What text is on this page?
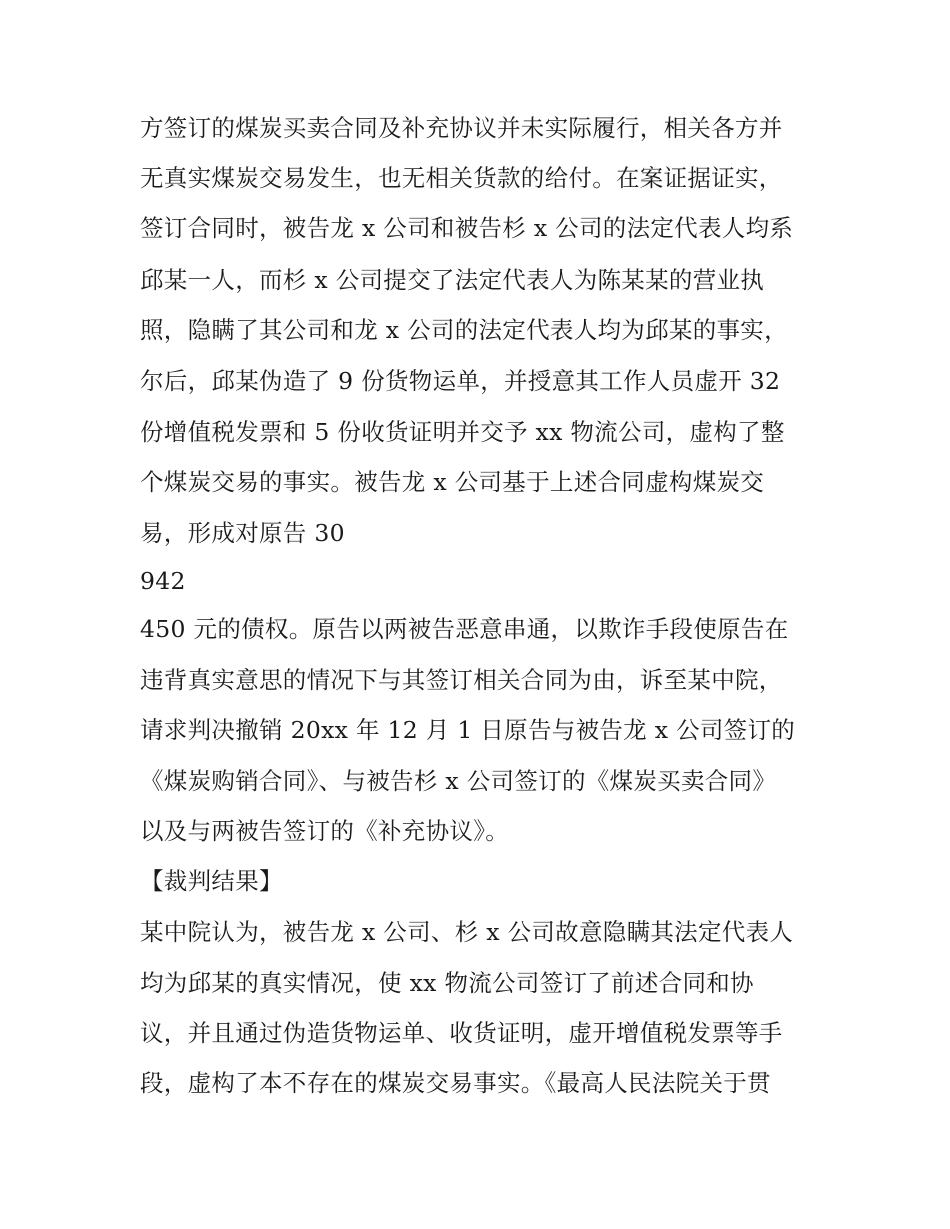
方签订的煤炭买卖合同及补充协议并未实际履行，相关各方并
无真实煤炭交易发生，也无相关货款的给付。在案证据证实，
签订合同时，被告龙 x 公司和被告杉 x 公司的法定代表人均系
邱某一人，而杉 x 公司提交了法定代表人为陈某某的营业执
照，隐瞒了其公司和龙 x 公司的法定代表人均为邱某的事实，
尔后，邱某伪造了 9 份货物运单，并授意其工作人员虚开 32
份增值税发票和 5 份收货证明并交予 xx 物流公司，虚构了整
个煤炭交易的事实。被告龙 x 公司基于上述合同虚构煤炭交
易，形成对原告 30
942
450 元的债权。原告以两被告恶意串通，以欺诈手段使原告在
违背真实意思的情况下与其签订相关合同为由，诉至某中院，
请求判决撤销 20xx 年 12 月 1 日原告与被告龙 x 公司签订的
《煤炭购销合同》、与被告杉 x 公司签订的《煤炭买卖合同》
以及与两被告签订的《补充协议》。
【裁判结果】
某中院认为，被告龙 x 公司、杉 x 公司故意隐瞒其法定代表人
均为邱某的真实情况，使 xx 物流公司签订了前述合同和协
议，并且通过伪造货物运单、收货证明，虚开增值税发票等手
段，虚构了本不存在的煤炭交易事实。《最高人民法院关于贯
